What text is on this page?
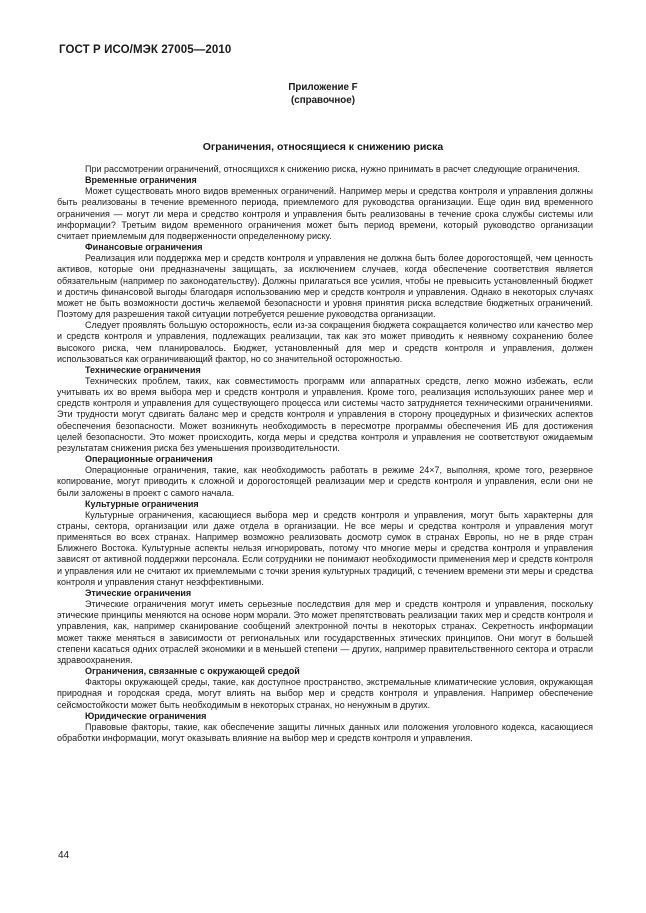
ГОСТ Р ИСО/МЭК 27005—2010
Приложение F
(справочное)
Ограничения, относящиеся к снижению риска

При рассмотрении ограничений, относящихся к снижению риска, нужно принимать в расчет следующие ограничения.

Временные ограничения

Может существовать много видов временных ограничений. Например меры и средства контроля и управления должны быть реализованы в течение временного периода, приемлемого для руководства организации. Еще один вид временного ограничения — могут ли мера и средство контроля и управления быть реализованы в течение срока службы системы или информации? Третьим видом временного ограничения может быть период времени, который руководство организации считает приемлемым для подверженности определенному риску.

Финансовые ограничения

Реализация или поддержка мер и средств контроля и управления не должна быть более дорогостоящей, чем ценность активов, которые они предназначены защищать, за исключением случаев, когда обеспечение соответствия является обязательным (например по законодательству). Должны прилагаться все усилия, чтобы не превысить установленный бюджет и достичь финансовой выгоды благодаря использованию мер и средств контроля и управления. Однако в некоторых случаях может не быть возможности достичь желаемой безопасности и уровня принятия риска вследствие бюджетных ограничений. Поэтому для разрешения такой ситуации потребуется решение руководства организации.

Следует проявлять большую осторожность, если из-за сокращения бюджета сокращается количество или качество мер и средств контроля и управления, подлежащих реализации, так как это может приводить к неявному сохранению более высокого риска, чем планировалось. Бюджет, установленный для мер и средств контроля и управления, должен использоваться как ограничивающий фактор, но со значительной осторожностью.

Технические ограничения

Технических проблем, таких, как совместимость программ или аппаратных средств, легко можно избежать, если учитывать их во время выбора мер и средств контроля и управления. Кроме того, реализация используюших ранее мер и средств контроля и управления для существующего процесса или системы часто затрудняется техническими ограничениями. Эти трудности могут сдвигать баланс мер и средств контроля и управления в сторону процедурных и физических аспектов обеспечения безопасности. Может возникнуть необходимость в пересмотре программы обеспечения ИБ для достижения целей безопасности. Это может происходить, когда меры и средства контроля и управления не соответствуют ожидаемым результатам снижения риска без уменьшения производительности.

Операционные ограничения

Операционные ограничения, такие, как необходимость работать в режиме 24×7, выполняя, кроме того, резервное копирование, могут приводить к сложной и дорогостоящей реализации мер и средств контроля и управления, если они не были заложены в проект с самого начала.

Культурные ограничения

Культурные ограничения, касающиеся выбора мер и средств контроля и управления, могут быть характерны для страны, сектора, организации или даже отдела в организации. Не все меры и средства контроля и управления могут применяться во всех странах. Например возможно реализовать досмотр сумок в странах Европы, но не в ряде стран Ближнего Востока. Культурные аспекты нельзя игнорировать, потому что многие меры и средства контроля и управления зависят от активной поддержки персонала. Если сотрудники не понимают необходимости применения мер и средств контроля и управления или не считают их приемлемыми с точки зрения культурных традиций, с течением времени эти меры и средства контроля и управления станут неэффективными.

Этические ограничения

Этические ограничения могут иметь серьезные последствия для мер и средств контроля и управления, поскольку этические принципы меняются на основе норм морали. Это может препятствовать реализации таких мер и средств контроля и управления, как, например сканирование сообщений электронной почты в некоторых странах. Секретность информации может также меняться в зависимости от региональных или государственных этических принципов. Они могут в большей степени касаться одних отраслей экономики и в меньшей степени — других, например правительственного сектора и отрасли здравоохранения.

Ограничения, связанные с окружающей средой

Факторы окружающей среды, такие, как доступное пространство, экстремальные климатические условия, окружающая природная и городская среда, могут влиять на выбор мер и средств контроля и управления. Например обеспечение сейсмостойкости может быть необходимым в некоторых странах, но ненужным в других.

Юридические ограничения

Правовые факторы, такие, как обеспечение защиты личных данных или положения уголовного кодекса, касающиеся обработки информации, могут оказывать влияние на выбор мер и средств контроля и управления.

44
